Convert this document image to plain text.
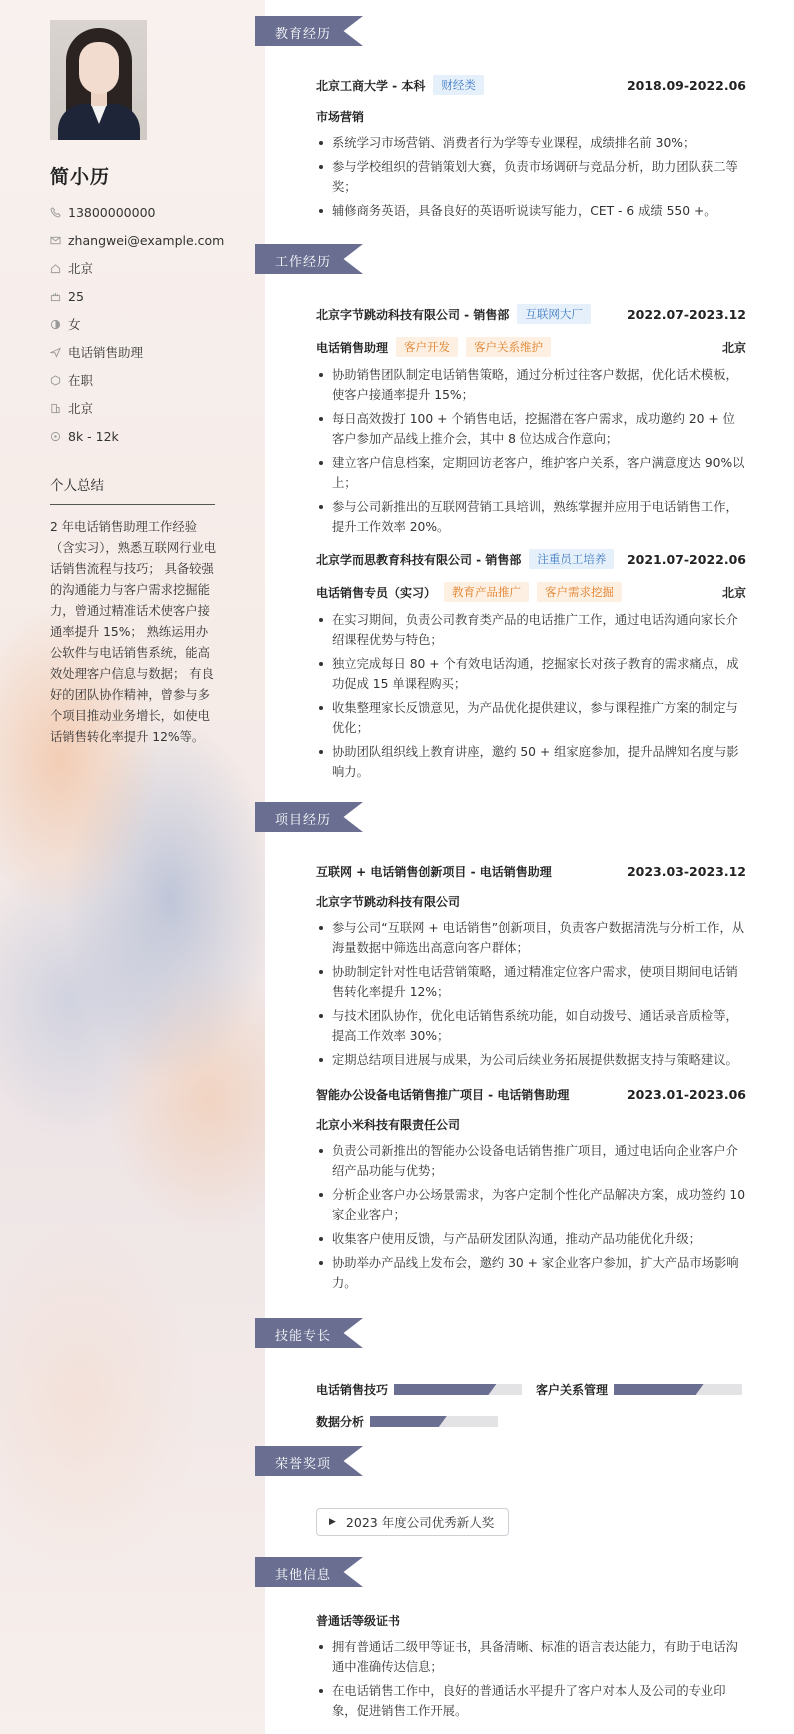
简小历
13800000000
zhangwei@example.com
北京
25
女
电话销售助理
在职
北京
8k - 12k
个人总结
2 年电话销售助理工作经验（含实习），熟悉互联网行业电话销售流程与技巧； 具备较强的沟通能力与客户需求挖掘能力，曾通过精准话术使客户接通率提升 15%； 熟练运用办公软件与电话销售系统，能高效处理客户信息与数据； 有良好的团队协作精神，曾参与多个项目推动业务增长，如使电话销售转化率提升 12%等。
教育经历
工作经历
项目经历
技能专长
荣誉奖项
其他信息
北京工商大学 - 本科	财经类	2018.09-2022.06
市场营销
系统学习市场营销、消费者行为学等专业课程，成绩排名前 30%；
参与学校组织的营销策划大赛，负责市场调研与竞品分析，助力团队获二等奖；
辅修商务英语，具备良好的英语听说读写能力，CET - 6 成绩 550 +。
北京字节跳动科技有限公司 - 销售部	互联网大厂	2022.07-2023.12
电话销售助理	客户开发	客户关系维护	北京
协助销售团队制定电话销售策略，通过分析过往客户数据，优化话术模板，使客户接通率提升 15%；
每日高效拨打 100 + 个销售电话，挖掘潜在客户需求，成功邀约 20 + 位客户参加产品线上推介会，其中 8 位达成合作意向；
建立客户信息档案，定期回访老客户，维护客户关系，客户满意度达 90%以上；
参与公司新推出的互联网营销工具培训，熟练掌握并应用于电话销售工作，提升工作效率 20%。
北京学而思教育科技有限公司 - 销售部	注重员工培养	2021.07-2022.06
电话销售专员（实习）	教育产品推广	客户需求挖掘	北京
在实习期间，负责公司教育类产品的电话推广工作，通过电话沟通向家长介绍课程优势与特色；
独立完成每日 80 + 个有效电话沟通，挖掘家长对孩子教育的需求痛点，成功促成 15 单课程购买；
收集整理家长反馈意见，为产品优化提供建议，参与课程推广方案的制定与优化；
协助团队组织线上教育讲座，邀约 50 + 组家庭参加，提升品牌知名度与影响力。
互联网 + 电话销售创新项目 - 电话销售助理	2023.03-2023.12
北京字节跳动科技有限公司
参与公司“互联网 + 电话销售”创新项目，负责客户数据清洗与分析工作，从海量数据中筛选出高意向客户群体；
协助制定针对性电话营销策略，通过精准定位客户需求，使项目期间电话销售转化率提升 12%；
与技术团队协作，优化电话销售系统功能，如自动拨号、通话录音质检等，提高工作效率 30%；
定期总结项目进展与成果，为公司后续业务拓展提供数据支持与策略建议。
智能办公设备电话销售推广项目 - 电话销售助理	2023.01-2023.06
北京小米科技有限责任公司
负责公司新推出的智能办公设备电话销售推广项目，通过电话向企业客户介绍产品功能与优势；
分析企业客户办公场景需求，为客户定制个性化产品解决方案，成功签约 10 家企业客户；
收集客户使用反馈，与产品研发团队沟通，推动产品功能优化升级；
协助举办产品线上发布会，邀约 30 + 家企业客户参加，扩大产品市场影响力。
电话销售技巧	客户关系管理
数据分析
▶ 2023 年度公司优秀新人奖
普通话等级证书
拥有普通话二级甲等证书，具备清晰、标准的语言表达能力，有助于电话沟通中准确传达信息；
在电话销售工作中，良好的普通话水平提升了客户对本人及公司的专业印象，促进销售工作开展。
